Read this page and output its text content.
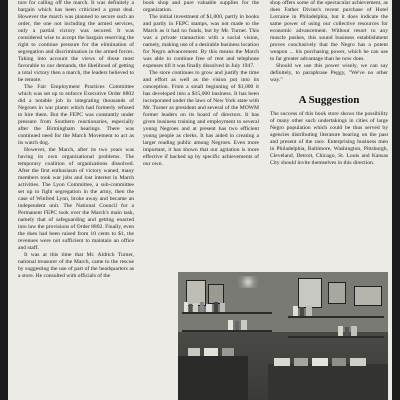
ture for calling off the march. It was definitely a bargain which has been criticized a great deal. However the march was planned to secure such an order, the one not including the armed services, only a partial victory was secured. It was considered wise to accept the bargain reserving the right to continue pressure for the elimination of segregation and discrimination in the armed forces. Taking into account the views of those most favorable to our demands, the likelihood of getting a total victory then a march, the leaders believed to be remote.

The Fair Employment Practices Committee which was set up to enforce Executive Order 8802 did a notable job in integrating thousands of Negroes in war plants which had formerly refused to hire them. But the FEPC was constantly under pressure from Southern reactionaries, especially after the Birmingham hearings. There was continued need for the March Movement to act as its watch dog.

However, the March, after its two years was having its own organizational problems. The temporary coalition of organizations dissolved. After the first enthusiasm of victory waned, many members took war jobs and lost interest in March activities. The Lyon Committee, a sub-committee set up to fight segregation in the army, then the case of Winfred Lynn, broke away and became an independent unit. The National Council for a Permanent FEPC took over the March's main task, namely that of safeguarding and getting enacted into law the provisions of Order 8802. Finally, even the dues had been raised from 10 cents to $1, the revenues were not sufficient to maintain an office and staff.

It was at this time that Mr. Aldrich Turner, national treasurer of the March, came to the rescue by suggesting the use of part of the headquarters as a store. He consulted with officials of the

book shop and pure valuable supplies for the organization.

The initial investment of $1,000, partly in books and partly in FEPC stamps, was not made to the March as it had no funds, but by Mr. Turner. This was a private transaction with a social vision, namely, making use of a desirable business location for Negro advancement. By this means the March was able to continue free of rent and telephone expenses till it was finally dissolved in July 1947.

The store continues to grow and justify the time and effort as well as the vision put into its conception. From a small beginning of $1,000 it has developed into a $15,000 business. It has been incorporated under the laws of New York state with Mr. Turner as president and several of the MOWM former leaders on its board of directors. It has given business training and employment to several young Negroes and at present has two efficient young people as clerks. It has aided in creating a larger reading public among Negroes. Even more important, it has shown that our agitation is more effective if backed up by specific achievements of our own.

shop offers some of the spectacular achievement, as does Father Divine's recent purchase of Hotel Lorraine in Philadelphia, but it does indicate the same power of using our collective resources for economic advancement. Without resort to any muscle pushes, this sound business establishment proves conclusively that the Negro has a potent weapon ... his purchasing power, which he can use to far greater advantage than he now does.

Should we use this power wisely, we can say definitely, to paraphrase Peggy, "We've no other way."

A Suggestion

The success of this book store shows the possibility of many other such undertakings in cities of large Negro population which could be thus served by agencies distributing literature bearing on the past and present of the race. Enterprising business men in Philadelphia, Baltimore, Washington, Pittsburgh, Cleveland, Detroit, Chicago, St. Louis and Kansas City should invite themselves in this direction.
